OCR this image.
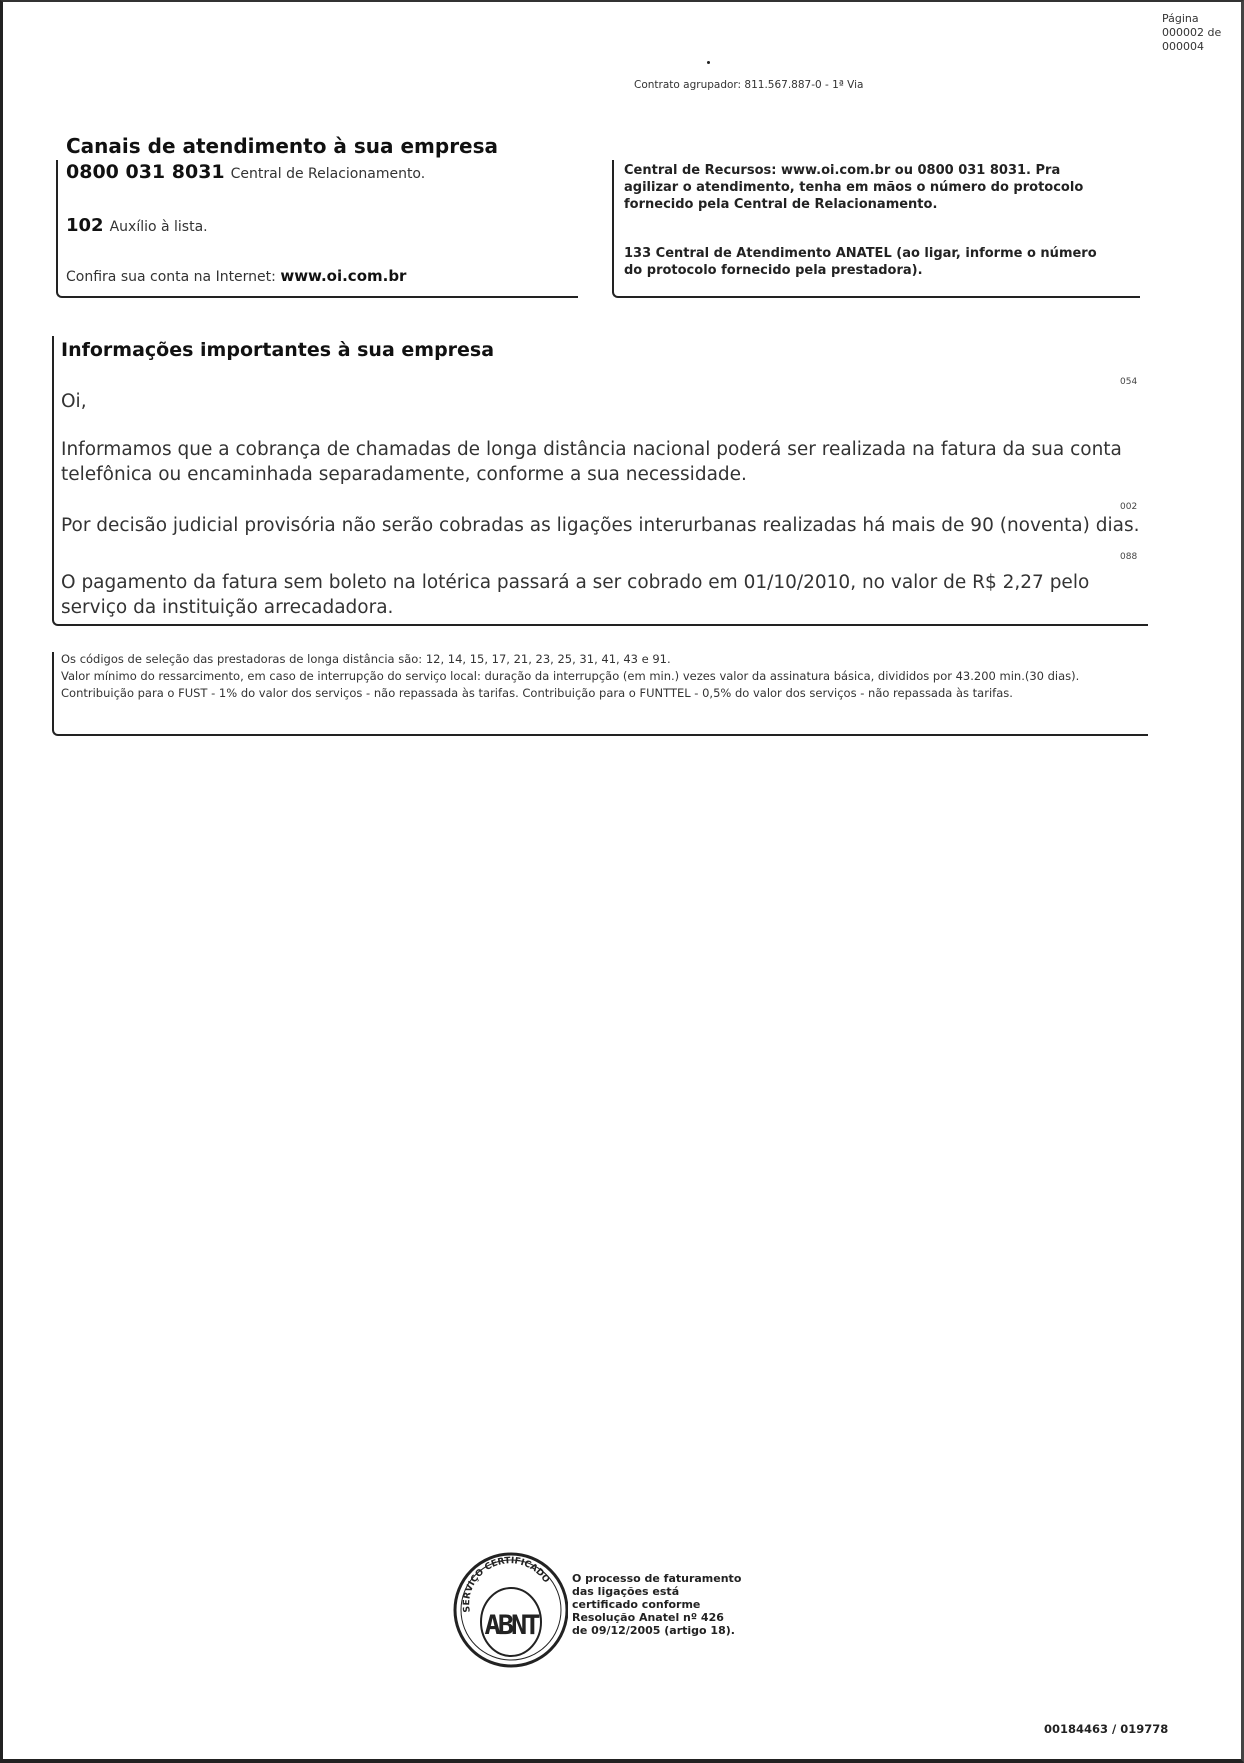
Página
000002 de
000004
Contrato agrupador: 811.567.887-0 - 1ª Via
Canais de atendimento à sua empresa
0800 031 8031 Central de Relacionamento.
102 Auxílio à lista.
Confira sua conta na Internet: www.oi.com.br
Central de Recursos: www.oi.com.br ou 0800 031 8031. Pra agilizar o atendimento, tenha em mãos o número do protocolo fornecido pela Central de Relacionamento.
133 Central de Atendimento ANATEL (ao ligar, informe o número do protocolo fornecido pela prestadora).
Informações importantes à sua empresa
Oi,
054
Informamos que a cobrança de chamadas de longa distância nacional poderá ser realizada na fatura da sua conta telefônica ou encaminhada separadamente, conforme a sua necessidade.
002
Por decisão judicial provisória não serão cobradas as ligações interurbanas realizadas há mais de 90 (noventa) dias.
088
O pagamento da fatura sem boleto na lotérica passará a ser cobrado em 01/10/2010, no valor de R$ 2,27 pelo serviço da instituição arrecadadora.
Os códigos de seleção das prestadoras de longa distância são: 12, 14, 15, 17, 21, 23, 25, 31, 41, 43 e 91.
Valor mínimo do ressarcimento, em caso de interrupção do serviço local: duração da interrupção (em min.) vezes valor da assinatura básica, divididos por 43.200 min.(30 dias).
Contribuição para o FUST - 1% do valor dos serviços - não repassada às tarifas. Contribuição para o FUNTTEL - 0,5% do valor dos serviços - não repassada às tarifas.
SERVIÇO CERTIFICADO
ABNT
O processo de faturamento das ligações está certificado conforme Resolução Anatel nº 426 de 09/12/2005 (artigo 18).
00184463 / 019778
